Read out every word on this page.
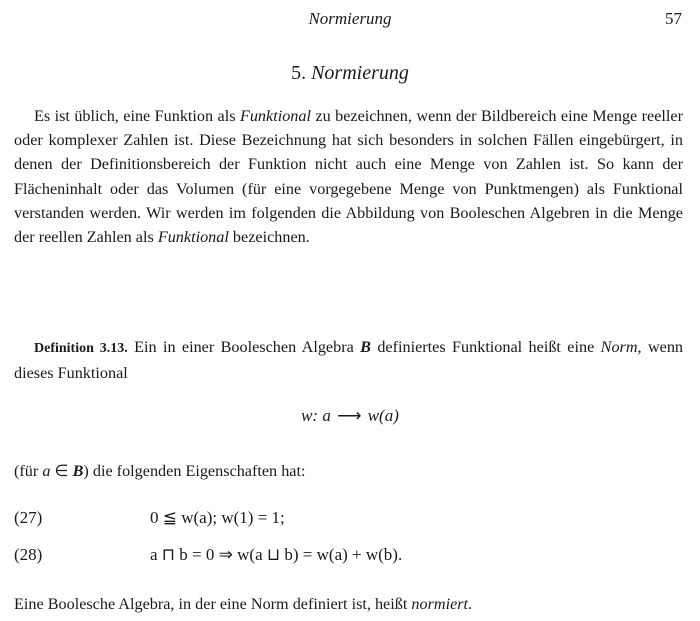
Normierung	57
5. Normierung

Es ist üblich, eine Funktion als Funktional zu bezeichnen, wenn der Bildbereich eine Menge reeller oder komplexer Zahlen ist. Diese Bezeichnung hat sich besonders in solchen Fällen eingebürgert, in denen der Definitionsbereich der Funktion nicht auch eine Menge von Zahlen ist. So kann der Flächeninhalt oder das Volumen (für eine vorgegebene Menge von Punktmengen) als Funktional verstanden werden. Wir werden im folgenden die Abbildung von Booleschen Algebren in die Menge der reellen Zahlen als Funktional bezeichnen.

Definition 3.13. Ein in einer Booleschen Algebra B definiertes Funktional heißt eine Norm, wenn dieses Funktional

w: a ⟶ w(a)

(für a ∈ B) die folgenden Eigenschaften hat:

(27)	0 ≦ w(a); w(1) = 1;
(28)	a ⊓ b = 0 ⇒ w(a ⊔ b) = w(a) + w(b).

Eine Boolesche Algebra, in der eine Norm definiert ist, heißt normiert.
